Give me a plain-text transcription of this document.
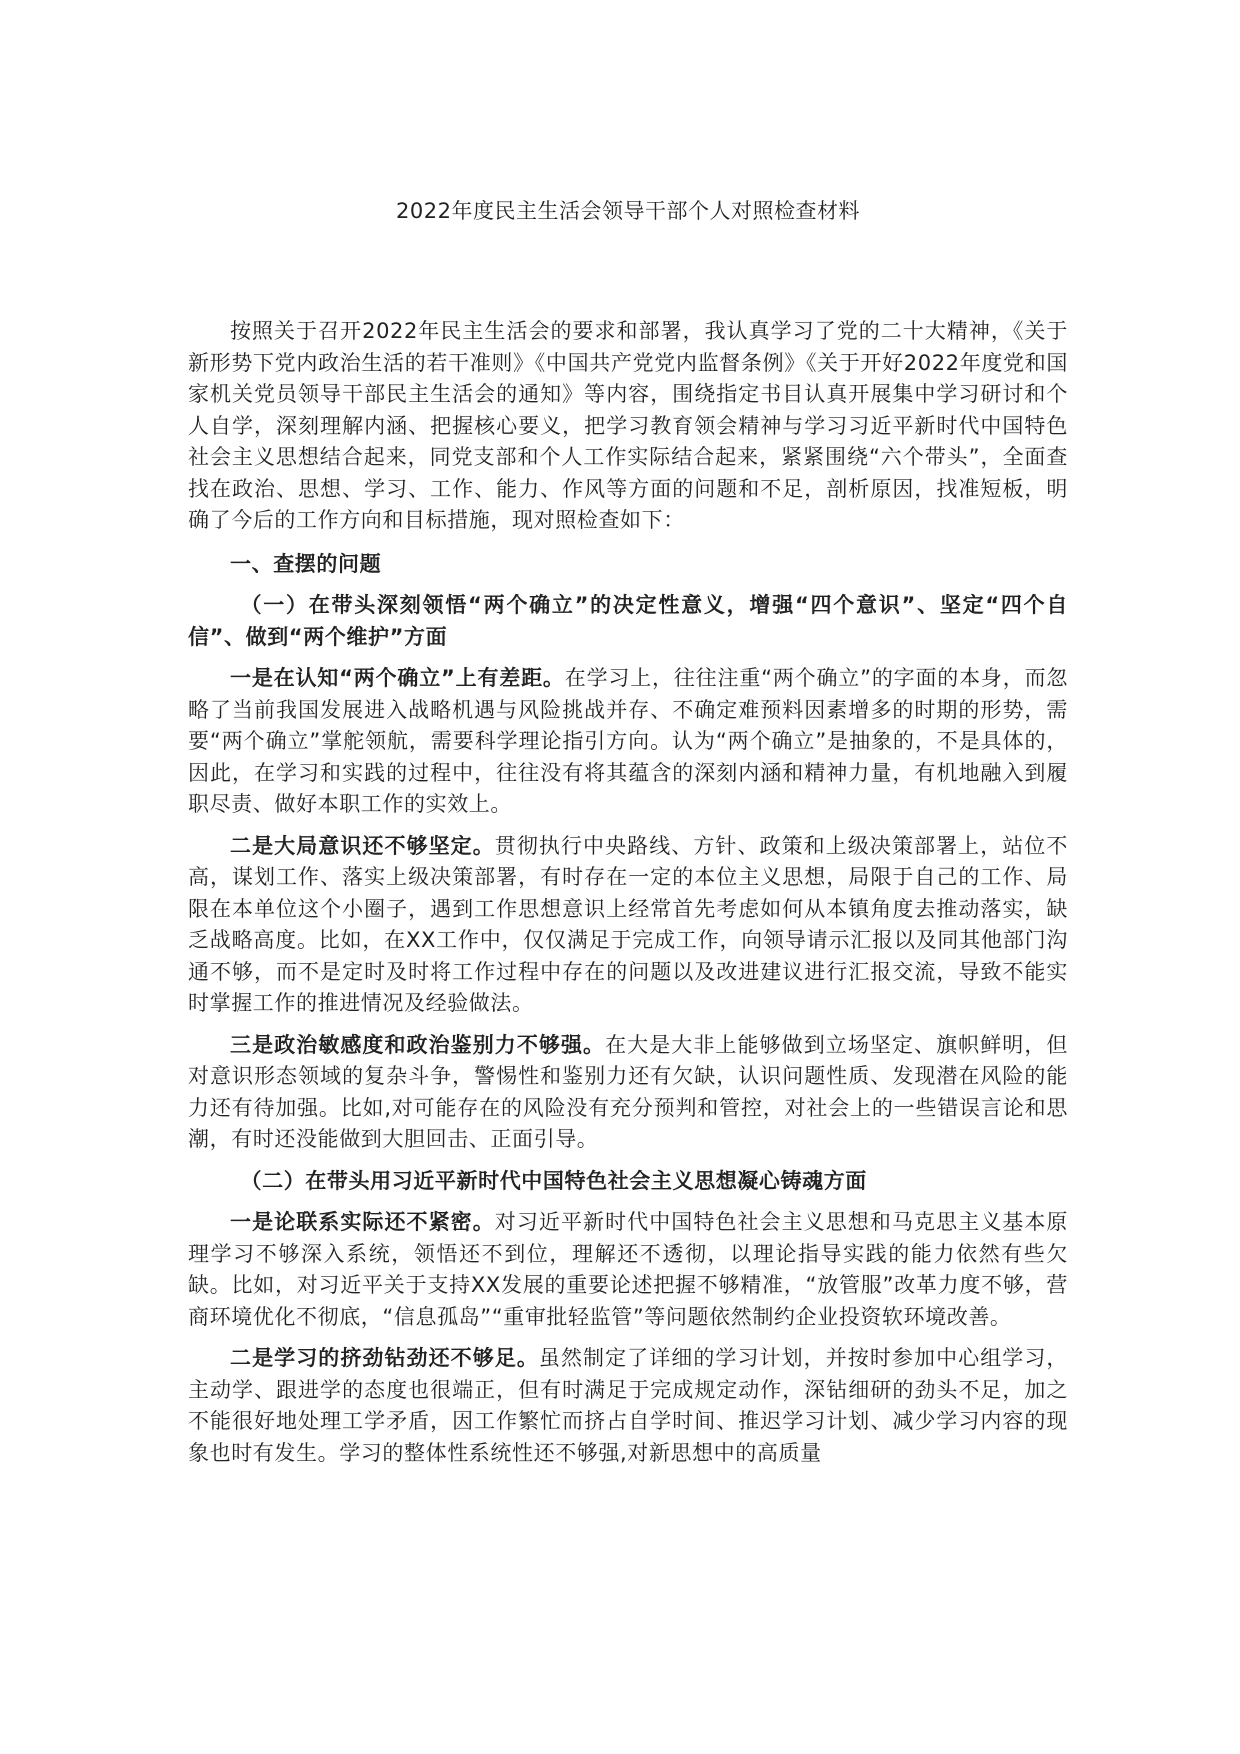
2022年度民主生活会领导干部个人对照检查材料

按照关于召开2022年民主生活会的要求和部署，我认真学习了党的二十大精神，《关于新形势下党内政治生活的若干准则》《中国共产党党内监督条例》《关于开好2022年度党和国家机关党员领导干部民主生活会的通知》等内容，围绕指定书目认真开展集中学习研讨和个人自学，深刻理解内涵、把握核心要义，把学习教育领会精神与学习习近平新时代中国特色社会主义思想结合起来，同党支部和个人工作实际结合起来，紧紧围绕“六个带头”，全面查找在政治、思想、学习、工作、能力、作风等方面的问题和不足，剖析原因，找准短板，明确了今后的工作方向和目标措施，现对照检查如下：

一、查摆的问题

（一）在带头深刻领悟“两个确立”的决定性意义，增强“四个意识”、坚定“四个自信”、做到“两个维护”方面

一是在认知“两个确立”上有差距。在学习上，往往注重“两个确立”的字面的本身，而忽略了当前我国发展进入战略机遇与风险挑战并存、不确定难预料因素增多的时期的形势，需要“两个确立”掌舵领航，需要科学理论指引方向。认为“两个确立”是抽象的，不是具体的，因此，在学习和实践的过程中，往往没有将其蕴含的深刻内涵和精神力量，有机地融入到履职尽责、做好本职工作的实效上。

二是大局意识还不够坚定。贯彻执行中央路线、方针、政策和上级决策部署上，站位不高，谋划工作、落实上级决策部署，有时存在一定的本位主义思想，局限于自己的工作、局限在本单位这个小圈子，遇到工作思想意识上经常首先考虑如何从本镇角度去推动落实，缺乏战略高度。比如，在XX工作中，仅仅满足于完成工作，向领导请示汇报以及同其他部门沟通不够，而不是定时及时将工作过程中存在的问题以及改进建议进行汇报交流，导致不能实时掌握工作的推进情况及经验做法。

三是政治敏感度和政治鉴别力不够强。在大是大非上能够做到立场坚定、旗帜鲜明，但对意识形态领域的复杂斗争，警惕性和鉴别力还有欠缺，认识问题性质、发现潜在风险的能力还有待加强。比如,对可能存在的风险没有充分预判和管控，对社会上的一些错误言论和思潮，有时还没能做到大胆回击、正面引导。

（二）在带头用习近平新时代中国特色社会主义思想凝心铸魂方面

一是论联系实际还不紧密。对习近平新时代中国特色社会主义思想和马克思主义基本原理学习不够深入系统，领悟还不到位，理解还不透彻，以理论指导实践的能力依然有些欠缺。比如，对习近平关于支持XX发展的重要论述把握不够精准，“放管服”改革力度不够，营商环境优化不彻底，“信息孤岛”“重审批轻监管”等问题依然制约企业投资软环境改善。

二是学习的挤劲钻劲还不够足。虽然制定了详细的学习计划，并按时参加中心组学习，主动学、跟进学的态度也很端正，但有时满足于完成规定动作，深钻细研的劲头不足，加之不能很好地处理工学矛盾，因工作繁忙而挤占自学时间、推迟学习计划、减少学习内容的现象也时有发生。学习的整体性系统性还不够强,对新思想中的高质量
